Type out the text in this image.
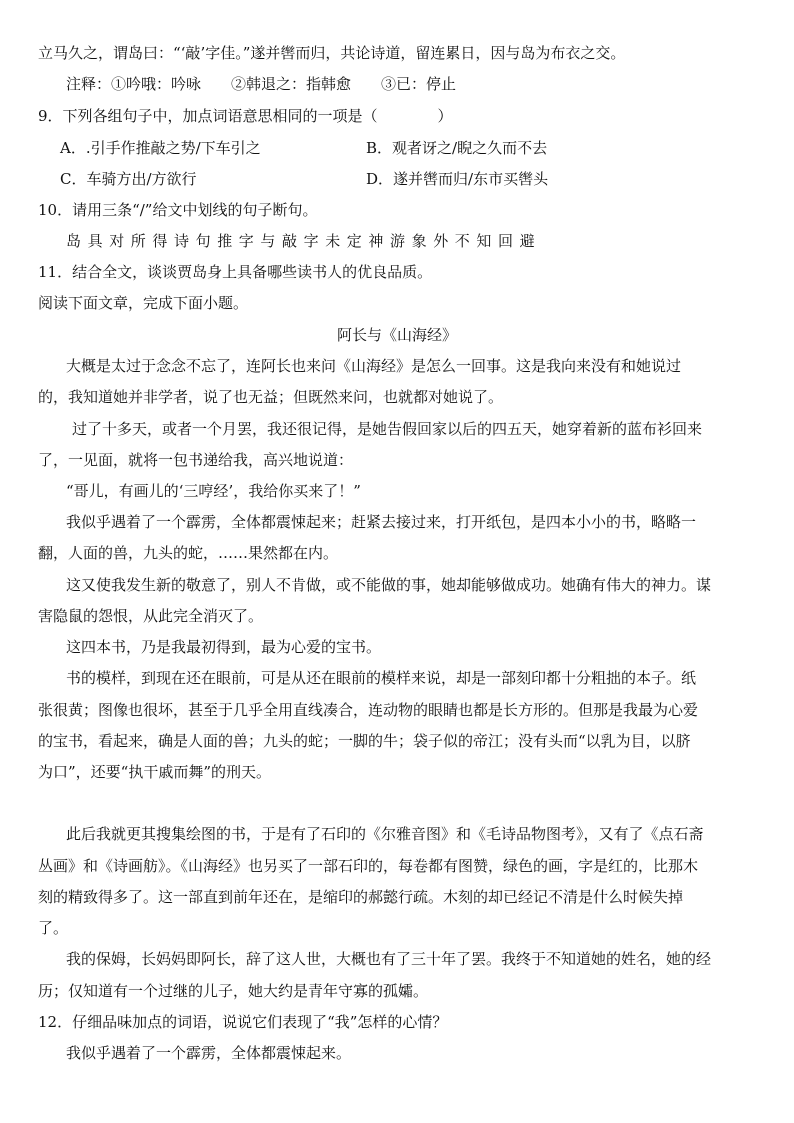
立马久之，谓岛曰：“‘敲’字佳。”遂并辔而归，共论诗道，留连累日，因与岛为布衣之交。
注释：①吟哦：吟咏 ②韩退之：指韩愈 ③已：停止
9．下列各组句子中，加点词语意思相同的一项是（　　　　）
A．.引手作推敲之势/下车引之	B．观者讶之/睨之久而不去
C．车骑方出/方欲行	D．遂并辔而归/东市买辔头
10．请用三条“/”给文中划线的句子断句。
岛具对所得诗句推字与敲字未定神游象外不知回避
11．结合全文，谈谈贾岛身上具备哪些读书人的优良品质。
阅读下面文章，完成下面小题。
阿长与《山海经》
大概是太过于念念不忘了，连阿长也来问《山海经》是怎么一回事。这是我向来没有和她说过
的，我知道她并非学者，说了也无益；但既然来问，也就都对她说了。
过了十多天，或者一个月罢，我还很记得，是她告假回家以后的四五天，她穿着新的蓝布衫回来
了，一见面，就将一包书递给我，高兴地说道：
“哥儿，有画儿的‘三哼经’，我给你买来了！”
我似乎遇着了一个霹雳，全体都震悚起来；赶紧去接过来，打开纸包，是四本小小的书，略略一
翻，人面的兽，九头的蛇，……果然都在内。
这又使我发生新的敬意了，别人不肯做，或不能做的事，她却能够做成功。她确有伟大的神力。谋
害隐鼠的怨恨，从此完全消灭了。
这四本书，乃是我最初得到，最为心爱的宝书。
书的模样，到现在还在眼前，可是从还在眼前的模样来说，却是一部刻印都十分粗拙的本子。纸
张很黄；图像也很坏，甚至于几乎全用直线凑合，连动物的眼睛也都是长方形的。但那是我最为心爱
的宝书，看起来，确是人面的兽；九头的蛇；一脚的牛；袋子似的帝江；没有头而“以乳为目，以脐
为口”，还要“执干戚而舞”的刑天。
此后我就更其搜集绘图的书，于是有了石印的《尔雅音图》和《毛诗品物图考》，又有了《点石斋
丛画》和《诗画舫》。《山海经》也另买了一部石印的，每卷都有图赞，绿色的画，字是红的，比那木
刻的精致得多了。这一部直到前年还在，是缩印的郝懿行疏。木刻的却已经记不清是什么时候失掉
了。
我的保姆，长妈妈即阿长，辞了这人世，大概也有了三十年了罢。我终于不知道她的姓名，她的经
历；仅知道有一个过继的儿子，她大约是青年守寡的孤孀。
12．仔细品味加点的词语，说说它们表现了“我”怎样的心情？
我似乎遇着了一个霹雳，全体都震悚起来。
